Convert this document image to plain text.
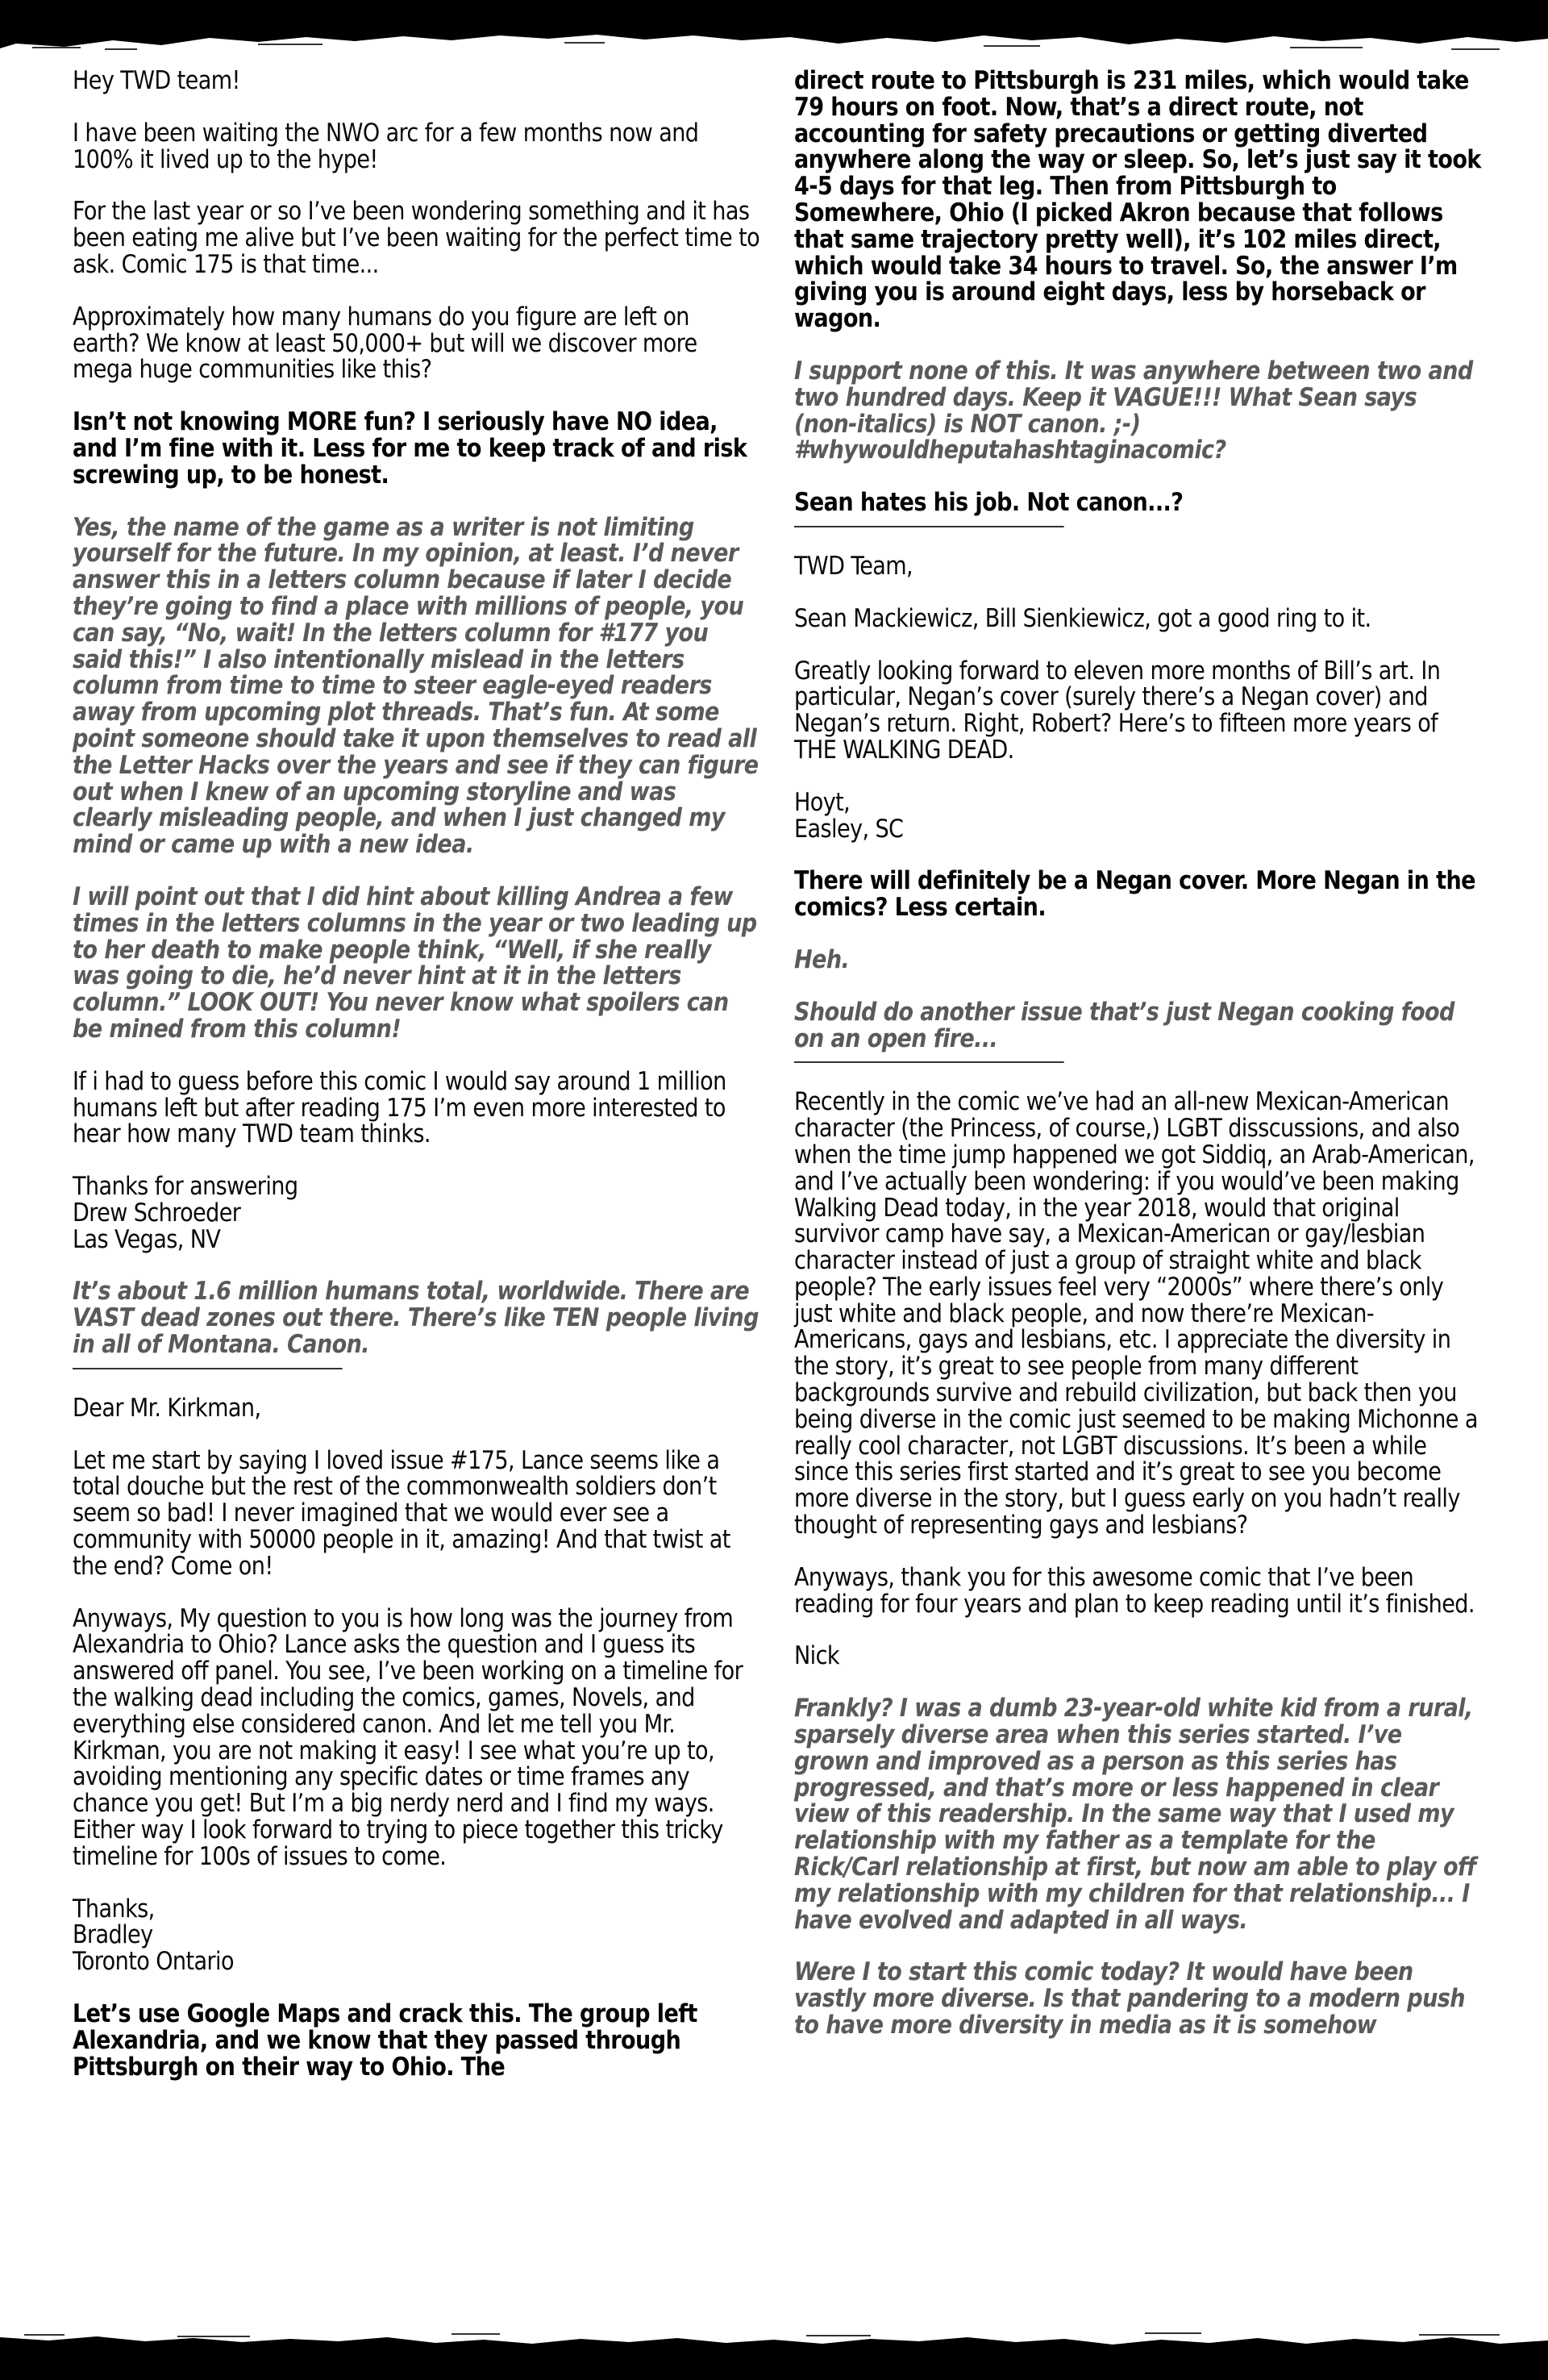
Hey TWD team!

I have been waiting the NWO arc for a few months now and 100% it lived up to the hype!

For the last year or so I’ve been wondering something and it has been eating me alive but I’ve been waiting for the perfect time to ask. Comic 175 is that time...

Approximately how many humans do you figure are left on earth? We know at least 50,000+ but will we discover more mega huge communities like this?

Isn’t not knowing MORE fun? I seriously have NO idea, and I’m fine with it. Less for me to keep track of and risk screwing up, to be honest.

Yes, the name of the game as a writer is not limiting yourself for the future. In my opinion, at least. I’d never answer this in a letters column because if later I decide they’re going to find a place with millions of people, you can say, “No, wait! In the letters column for #177 you said this!” I also intentionally mislead in the letters column from time to time to steer eagle-eyed readers away from upcoming plot threads. That’s fun. At some point someone should take it upon themselves to read all the Letter Hacks over the years and see if they can figure out when I knew of an upcoming storyline and was clearly misleading people, and when I just changed my mind or came up with a new idea.

I will point out that I did hint about killing Andrea a few times in the letters columns in the year or two leading up to her death to make people think, “Well, if she really was going to die, he’d never hint at it in the letters column.” LOOK OUT! You never know what spoilers can be mined from this column!

If i had to guess before this comic I would say around 1 million humans left but after reading 175 I’m even more interested to hear how many TWD team thinks.

Thanks for answering
Drew Schroeder
Las Vegas, NV

It’s about 1.6 million humans total, worldwide. There are VAST dead zones out there. There’s like TEN people living in all of Montana. Canon.

Dear Mr. Kirkman,

Let me start by saying I loved issue #175, Lance seems like a total douche but the rest of the commonwealth soldiers don’t seem so bad! I never imagined that we would ever see a community with 50000 people in it, amazing! And that twist at the end? Come on!

Anyways, My question to you is how long was the journey from Alexandria to Ohio? Lance asks the question and I guess its answered off panel. You see, I’ve been working on a timeline for the walking dead including the comics, games, Novels, and everything else considered canon. And let me tell you Mr. Kirkman, you are not making it easy! I see what you’re up to, avoiding mentioning any specific dates or time frames any chance you get! But I’m a big nerdy nerd and I find my ways. Either way I look forward to trying to piece together this tricky timeline for 100s of issues to come.

Thanks,
Bradley
Toronto Ontario

Let’s use Google Maps and crack this. The group left Alexandria, and we know that they passed through Pittsburgh on their way to Ohio. The

direct route to Pittsburgh is 231 miles, which would take 79 hours on foot. Now, that’s a direct route, not accounting for safety precautions or getting diverted anywhere along the way or sleep. So, let’s just say it took 4-5 days for that leg. Then from Pittsburgh to Somewhere, Ohio (I picked Akron because that follows that same trajectory pretty well), it’s 102 miles direct, which would take 34 hours to travel. So, the answer I’m giving you is around eight days, less by horseback or wagon.

I support none of this. It was anywhere between two and two hundred days. Keep it VAGUE!!! What Sean says (non-italics) is NOT canon. ;-) #whywouldheputahashtaginacomic?

Sean hates his job. Not canon...?

TWD Team,

Sean Mackiewicz, Bill Sienkiewicz, got a good ring to it.

Greatly looking forward to eleven more months of Bill’s art. In particular, Negan’s cover (surely there’s a Negan cover) and Negan’s return. Right, Robert? Here’s to fifteen more years of THE WALKING DEAD.

Hoyt,
Easley, SC

There will definitely be a Negan cover. More Negan in the comics? Less certain.

Heh.

Should do another issue that’s just Negan cooking food on an open fire...

Recently in the comic we’ve had an all-new Mexican-American character (the Princess, of course,) LGBT disscussions, and also when the time jump happened we got Siddiq, an Arab-American, and I’ve actually been wondering: if you would’ve been making Walking Dead today, in the year 2018, would that original survivor camp have say, a Mexican-American or gay/lesbian character instead of just a group of straight white and black people? The early issues feel very “2000s” where there’s only just white and black people, and now there’re Mexican-Americans, gays and lesbians, etc. I appreciate the diversity in the story, it’s great to see people from many different backgrounds survive and rebuild civilization, but back then you being diverse in the comic just seemed to be making Michonne a really cool character, not LGBT discussions. It’s been a while since this series first started and it’s great to see you become more diverse in the story, but I guess early on you hadn’t really thought of representing gays and lesbians?

Anyways, thank you for this awesome comic that I’ve been reading for four years and plan to keep reading until it’s finished.

Nick

Frankly? I was a dumb 23-year-old white kid from a rural, sparsely diverse area when this series started. I’ve grown and improved as a person as this series has progressed, and that’s more or less happened in clear view of this readership. In the same way that I used my relationship with my father as a template for the Rick/Carl relationship at first, but now am able to play off my relationship with my children for that relationship... I have evolved and adapted in all ways.

Were I to start this comic today? It would have been vastly more diverse. Is that pandering to a modern push to have more diversity in media as it is somehow
